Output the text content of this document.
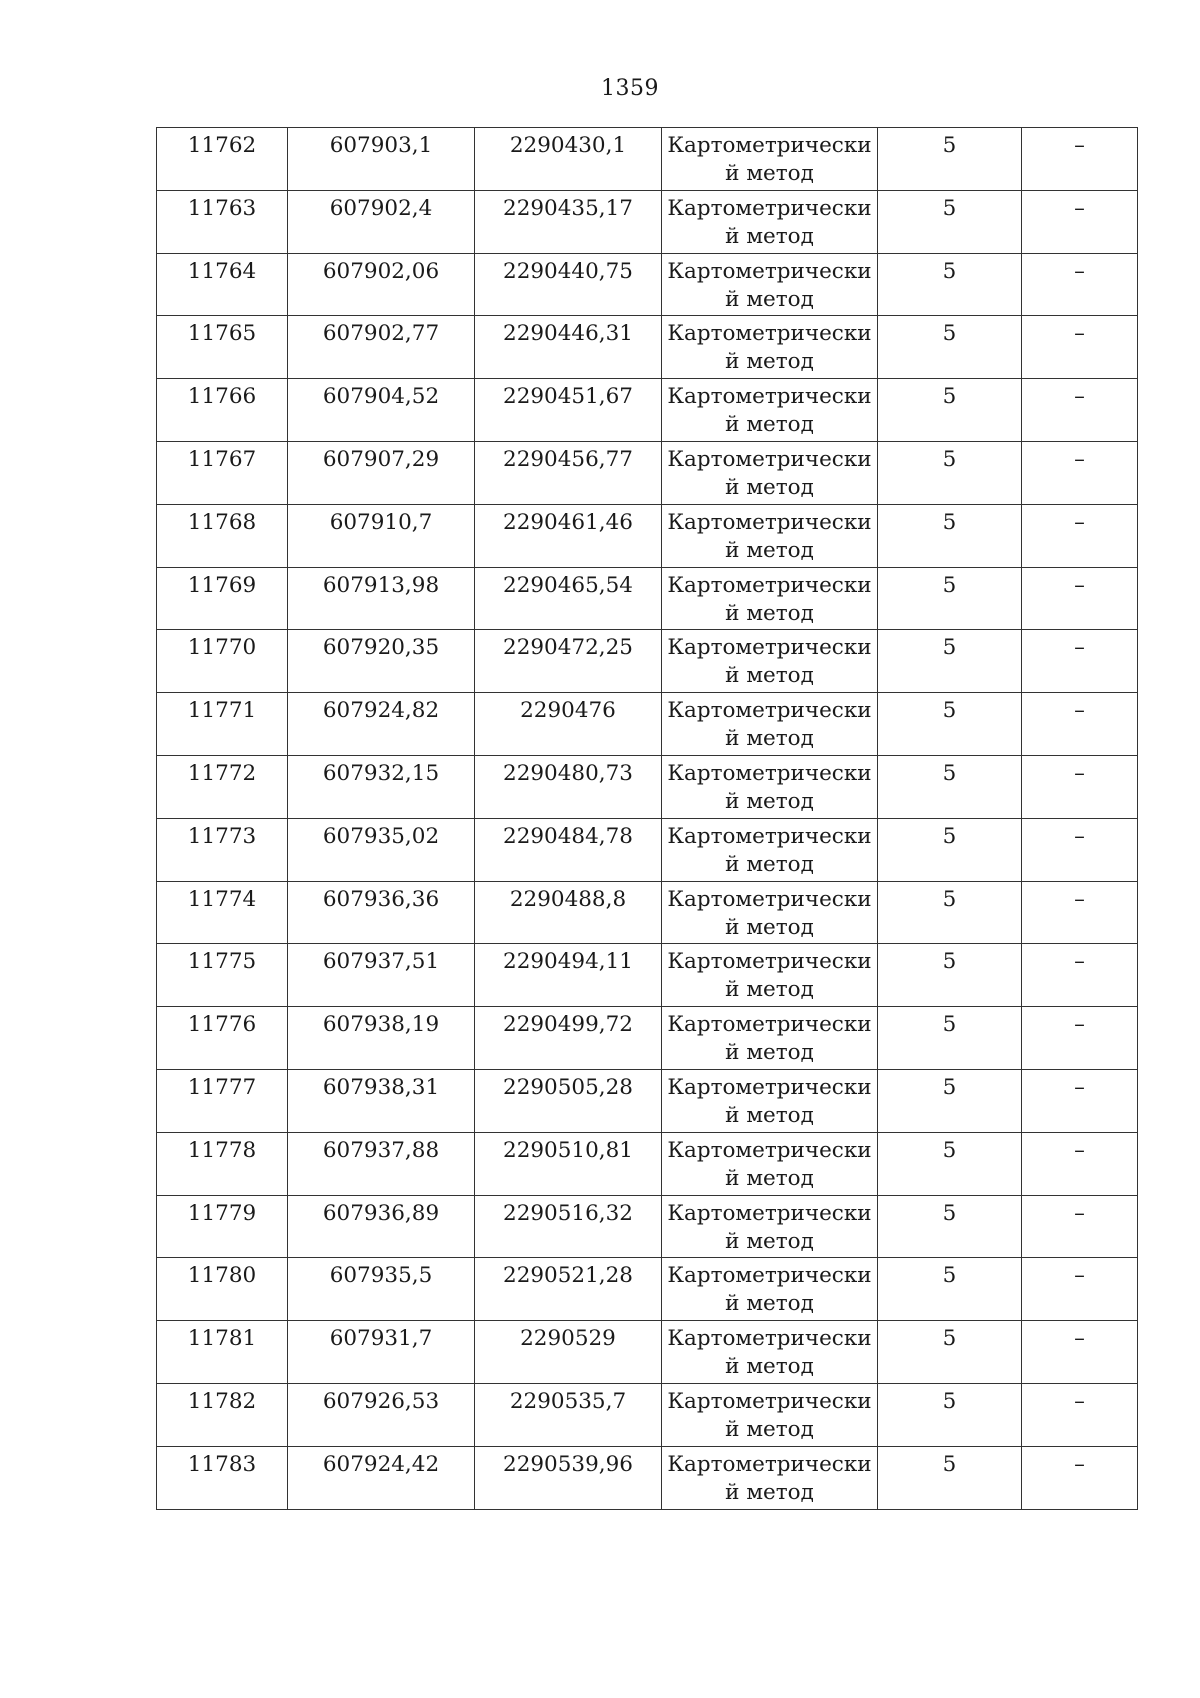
1359
11762	607903,1	2290430,1	Картометрический метод	5	–

11763	607902,4	2290435,17	Картометрический метод	5	–

11764	607902,06	2290440,75	Картометрический метод	5	–

11765	607902,77	2290446,31	Картометрический метод	5	–

11766	607904,52	2290451,67	Картометрический метод	5	–

11767	607907,29	2290456,77	Картометрический метод	5	–

11768	607910,7	2290461,46	Картометрический метод	5	–

11769	607913,98	2290465,54	Картометрический метод	5	–

11770	607920,35	2290472,25	Картометрический метод	5	–

11771	607924,82	2290476	Картометрический метод	5	–

11772	607932,15	2290480,73	Картометрический метод	5	–

11773	607935,02	2290484,78	Картометрический метод	5	–

11774	607936,36	2290488,8	Картометрический метод	5	–

11775	607937,51	2290494,11	Картометрический метод	5	–

11776	607938,19	2290499,72	Картометрический метод	5	–

11777	607938,31	2290505,28	Картометрический метод	5	–

11778	607937,88	2290510,81	Картометрический метод	5	–

11779	607936,89	2290516,32	Картометрический метод	5	–

11780	607935,5	2290521,28	Картометрический метод	5	–

11781	607931,7	2290529	Картометрический метод	5	–

11782	607926,53	2290535,7	Картометрический метод	5	–

11783	607924,42	2290539,96	Картометрический метод	5	–
